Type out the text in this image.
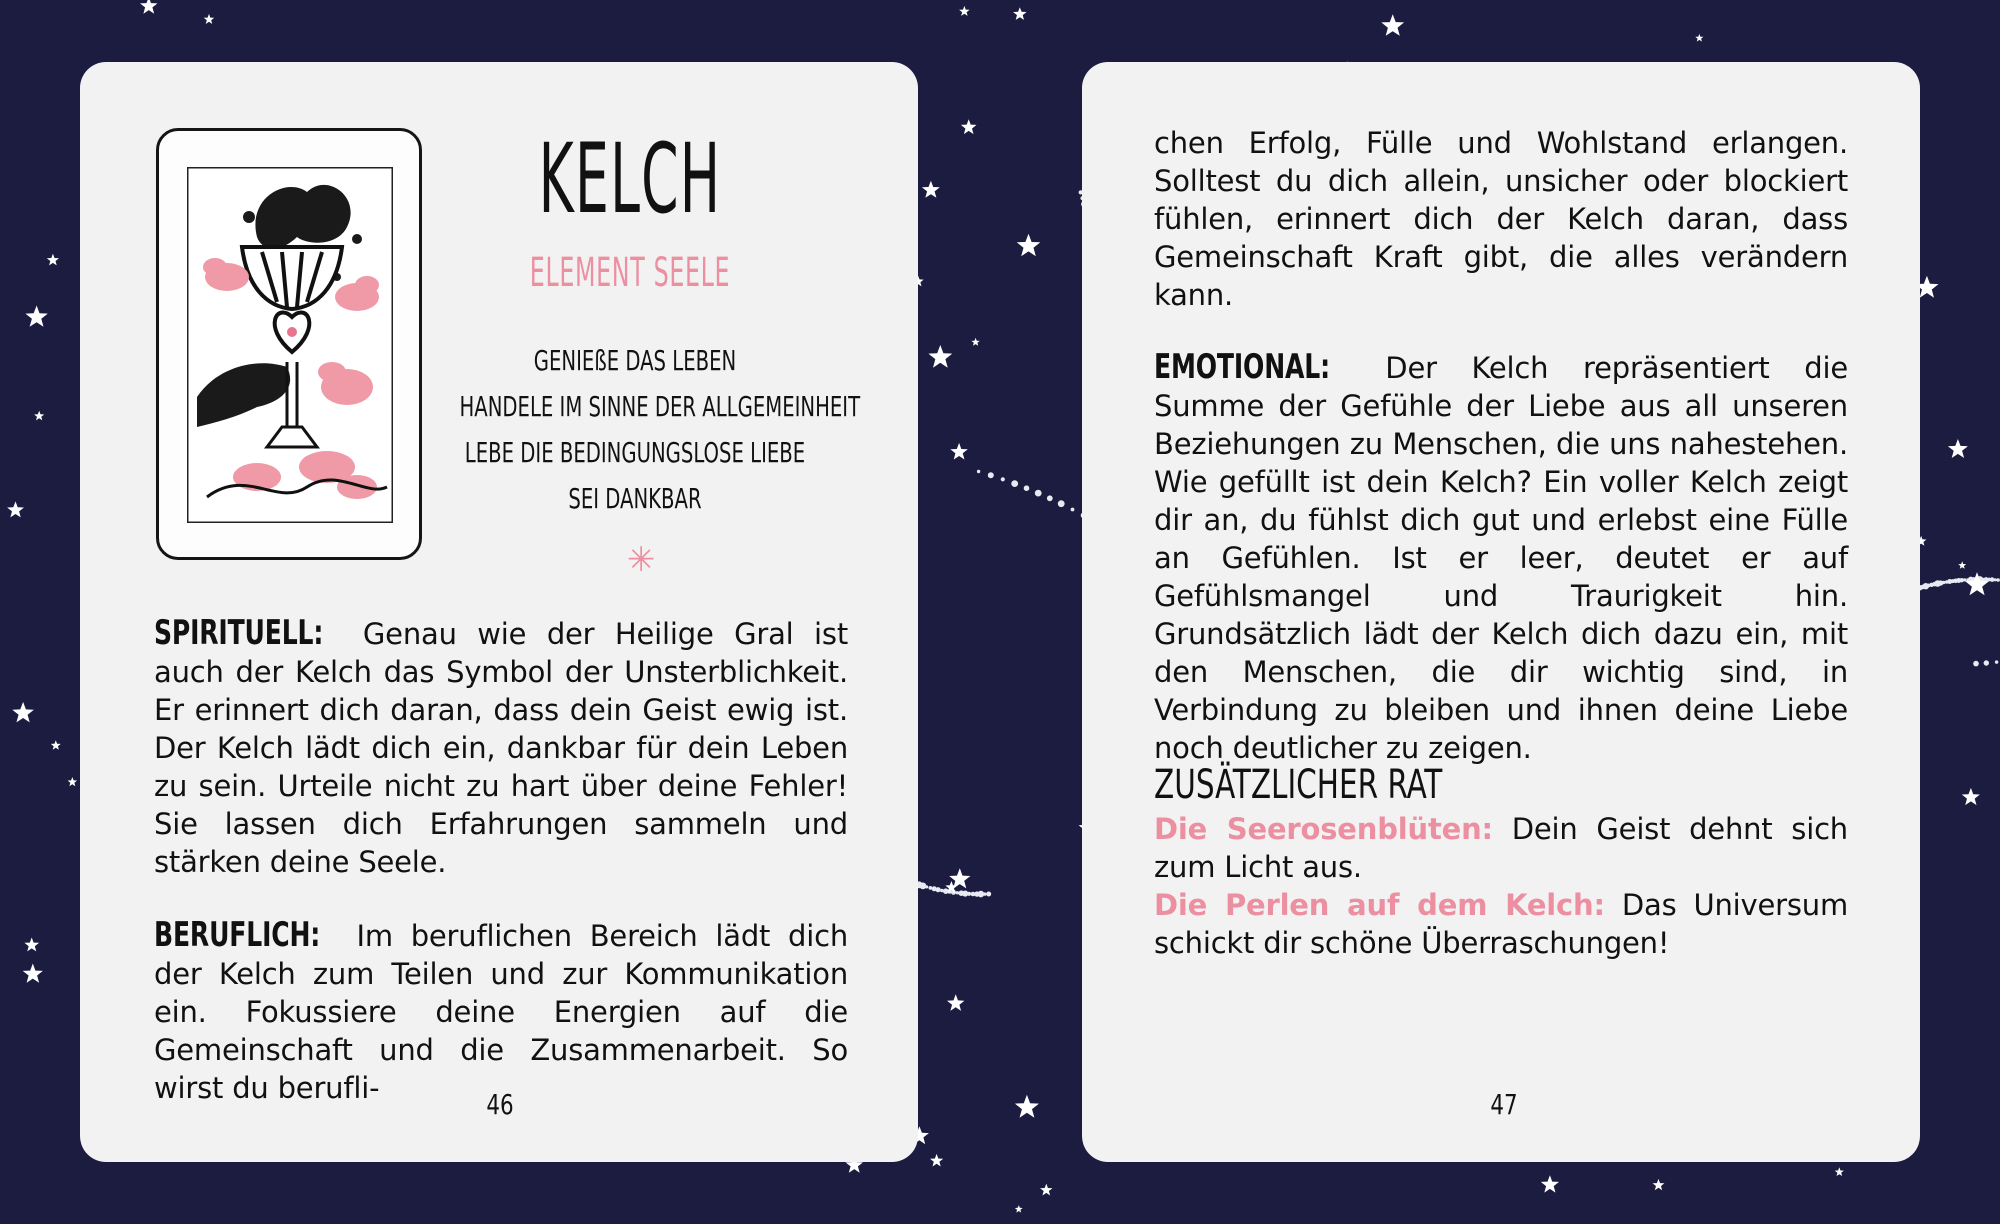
KELCH
ELEMENT SEELE
GENIEßE DAS LEBEN
HANDELE IM SINNE DER ALLGEMEINHEIT
LEBE DIE BEDINGUNGSLOSE LIEBE
SEI DANKBAR
✳
SPIRITUELL: Genau wie der Heilige Gral ist auch der Kelch das Symbol der Unsterblichkeit. Er erinnert dich daran, dass dein Geist ewig ist. Der Kelch lädt dich ein, dankbar für dein Leben zu sein. Urteile nicht zu hart über deine Fehler! Sie lassen dich Erfahrungen sammeln und stärken deine Seele.
BERUFLICH: Im beruflichen Bereich lädt dich der Kelch zum Teilen und zur Kommunikation ein. Fokussiere deine Energien auf die Gemeinschaft und die Zusammenarbeit. So wirst du berufli-	46
chen Erfolg, Fülle und Wohlstand erlangen. Solltest du dich allein, unsicher oder blockiert fühlen, erinnert dich der Kelch daran, dass Gemeinschaft Kraft gibt, die alles verändern kann.
EMOTIONAL: Der Kelch repräsentiert die Summe der Gefühle der Liebe aus all unseren Beziehungen zu Menschen, die uns nahestehen. Wie gefüllt ist dein Kelch? Ein voller Kelch zeigt dir an, du fühlst dich gut und erlebst eine Fülle an Gefühlen. Ist er leer, deutet er auf Gefühlsmangel und Traurigkeit hin. Grundsätzlich lädt der Kelch dich dazu ein, mit den Menschen, die dir wichtig sind, in Verbindung zu bleiben und ihnen deine Liebe noch deutlicher zu zeigen.
ZUSÄTZLICHER RAT
Die Seerosenblüten: Dein Geist dehnt sich zum Licht aus.
Die Perlen auf dem Kelch: Das Universum schickt dir schöne Überraschungen!
47
